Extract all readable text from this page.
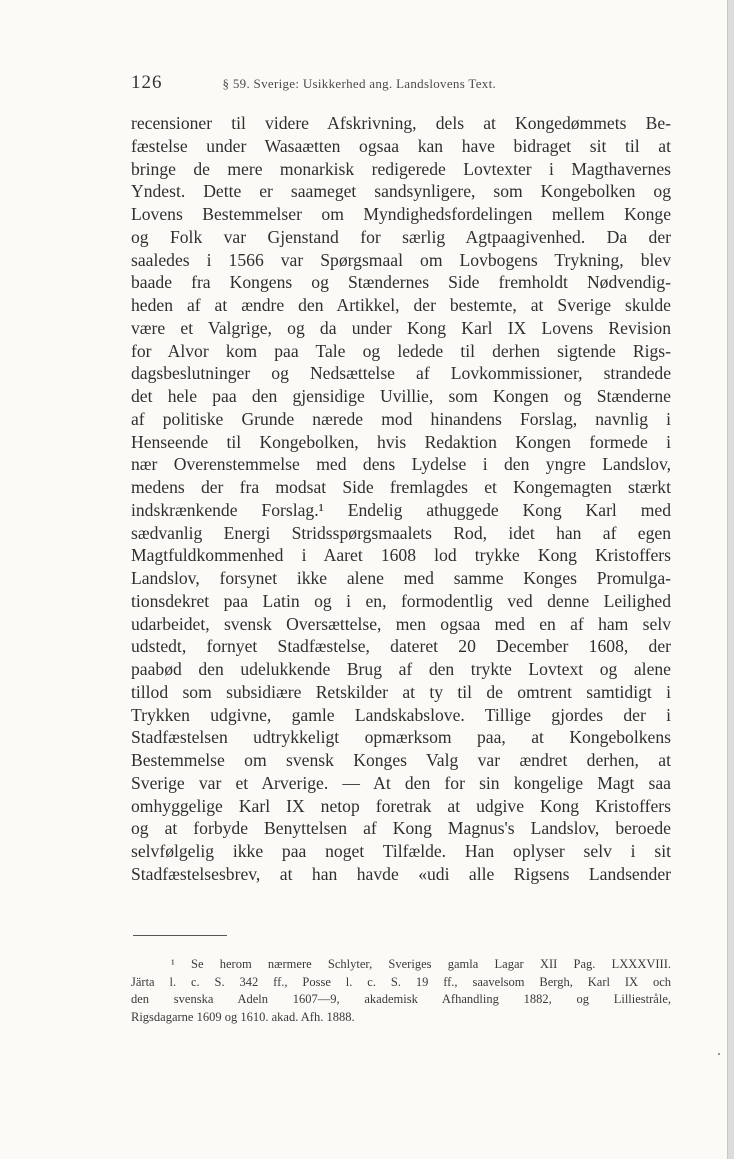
126	§ 59. Sverige: Usikkerhed ang. Landslovens Text.
recensioner til videre Afskrivning, dels at Kongedømmets Be-
fæstelse under Wasaætten ogsaa kan have bidraget sit til at
bringe de mere monarkisk redigerede Lovtexter i Magthavernes
Yndest. Dette er saameget sandsynligere, som Kongebolken og
Lovens Bestemmelser om Myndighedsfordelingen mellem Konge
og Folk var Gjenstand for særlig Agtpaagivenhed. Da der
saaledes i 1566 var Spørgsmaal om Lovbogens Trykning, blev
baade fra Kongens og Stændernes Side fremholdt Nødvendig-
heden af at ændre den Artikkel, der bestemte, at Sverige skulde
være et Valgrige, og da under Kong Karl IX Lovens Revision
for Alvor kom paa Tale og ledede til derhen sigtende Rigs-
dagsbeslutninger og Nedsættelse af Lovkommissioner, strandede
det hele paa den gjensidige Uvillie, som Kongen og Stænderne
af politiske Grunde nærede mod hinandens Forslag, navnlig i
Henseende til Kongebolken, hvis Redaktion Kongen formede i
nær Overenstemmelse med dens Lydelse i den yngre Landslov,
medens der fra modsat Side fremlagdes et Kongemagten stærkt
indskrænkende Forslag.¹ Endelig athuggede Kong Karl med
sædvanlig Energi Stridsspørgsmaalets Rod, idet han af egen
Magtfuldkommenhed i Aaret 1608 lod trykke Kong Kristoffers
Landslov, forsynet ikke alene med samme Konges Promulga-
tionsdekret paa Latin og i en, formodentlig ved denne Leilighed
udarbeidet, svensk Oversættelse, men ogsaa med en af ham selv
udstedt, fornyet Stadfæstelse, dateret 20 December 1608, der
paabød den udelukkende Brug af den trykte Lovtext og alene
tillod som subsidiære Retskilder at ty til de omtrent samtidigt i
Trykken udgivne, gamle Landskabslove. Tillige gjordes der i
Stadfæstelsen udtrykkeligt opmærksom paa, at Kongebolkens
Bestemmelse om svensk Konges Valg var ændret derhen, at
Sverige var et Arverige. — At den for sin kongelige Magt saa
omhyggelige Karl IX netop foretrak at udgive Kong Kristoffers
og at forbyde Benyttelsen af Kong Magnus's Landslov, beroede
selvfølgelig ikke paa noget Tilfælde. Han oplyser selv i sit
Stadfæstelsesbrev, at han havde «udi alle Rigsens Landsender
¹ Se herom nærmere Schlyter, Sveriges gamla Lagar XII Pag. LXXXVIII.
Järta l. c. S. 342 ff., Posse l. c. S. 19 ff., saavelsom Bergh, Karl IX och
den svenska Adeln 1607—9, akademisk Afhandling 1882, og Lilliestråle,
Rigsdagarne 1609 og 1610. akad. Afh. 1888.
